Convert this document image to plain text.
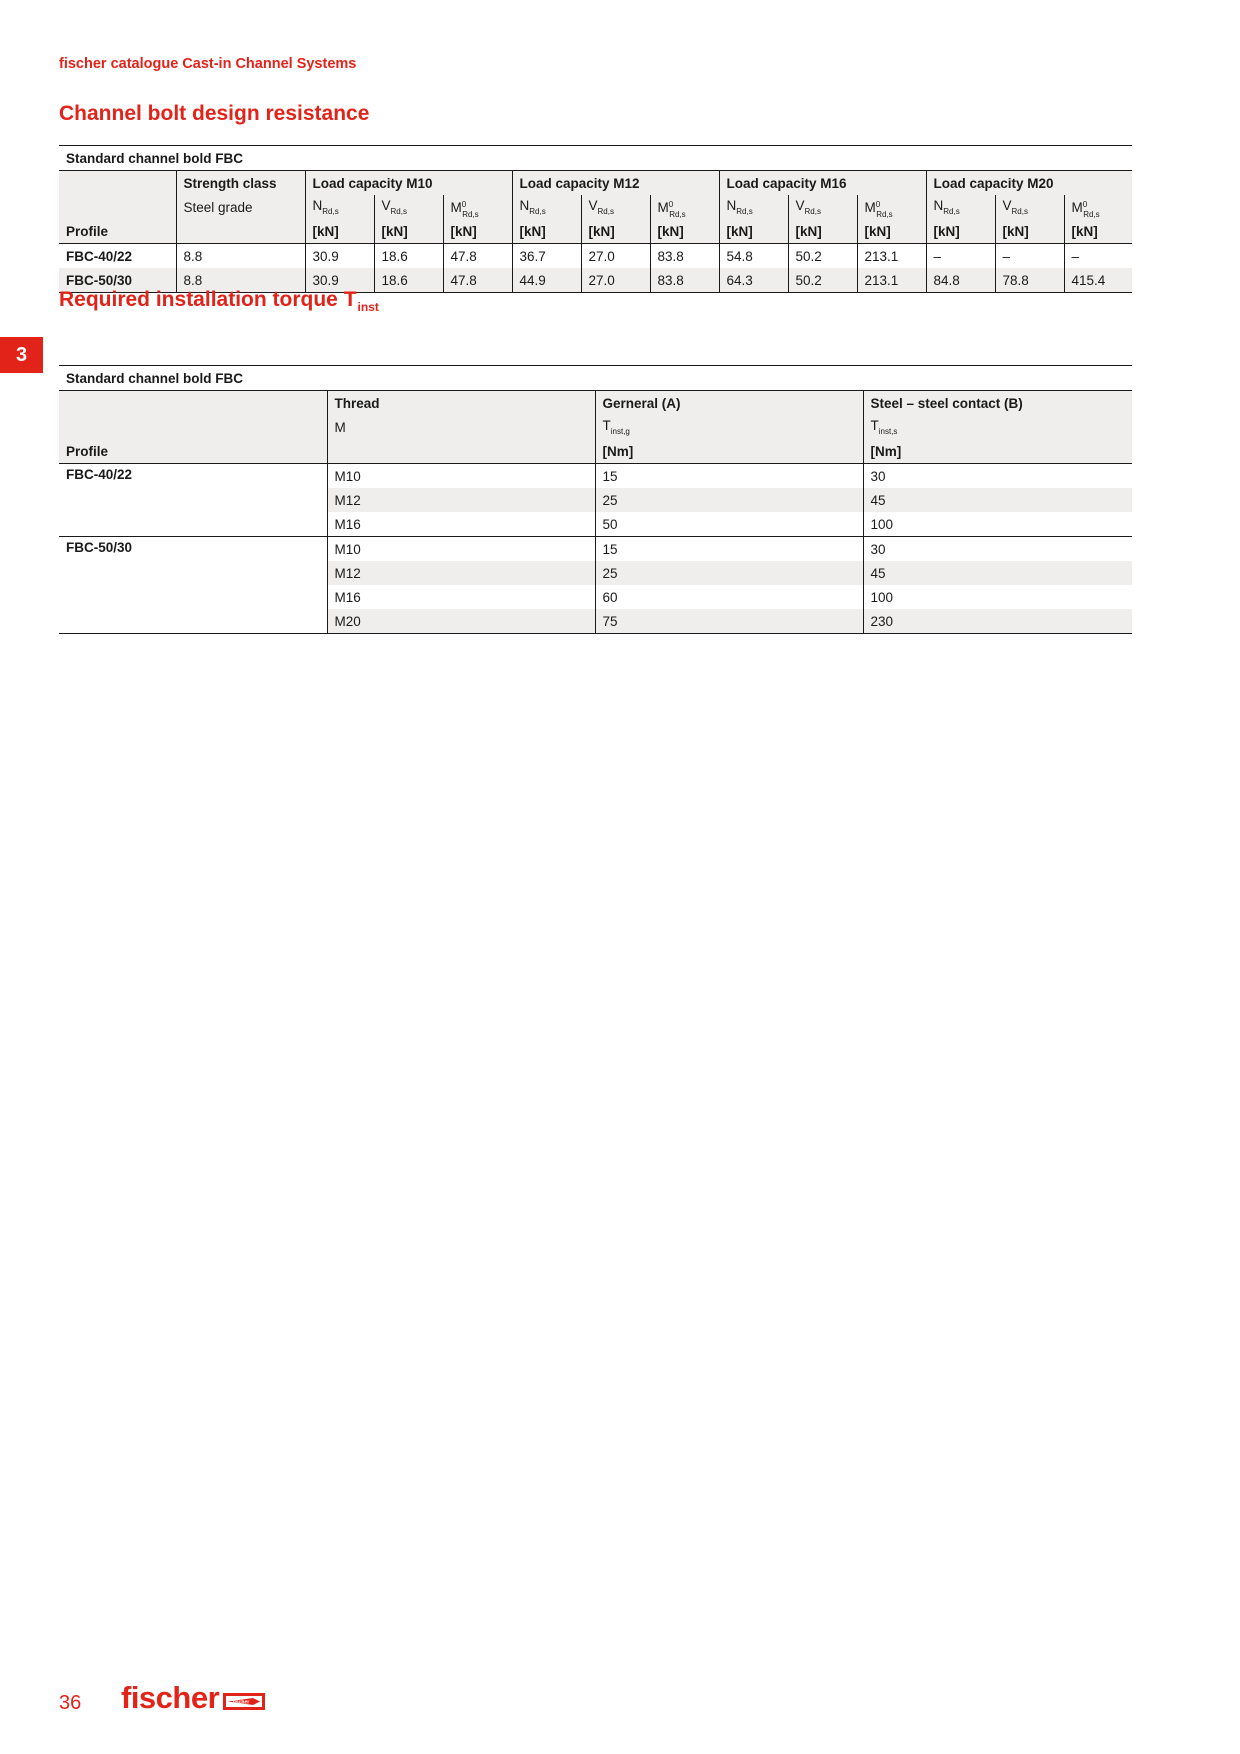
fischer catalogue Cast-in Channel Systems
Channel bolt design resistance
3
Standard channel bold FBC													
	Strength class	Load capacity M10			Load capacity M12			Load capacity M16			Load capacity M20		
	Steel grade	$N_{Rd,s}$	$V_{Rd,s}$	$M^0_{Rd,s}$	$N_{Rd,s}$	$V_{Rd,s}$	$M^0_{Rd,s}$	$N_{Rd,s}$	$V_{Rd,s}$	$M^0_{Rd,s}$	$N_{Rd,s}$	$V_{Rd,s}$	$M^0_{Rd,s}$
Profile		[kN]	[kN]	[kN]	[kN]	[kN]	[kN]	[kN]	[kN]	[kN]	[kN]	[kN]	[kN]
FBC-40/22	8.8	30.9	18.6	47.8	36.7	27.0	83.8	54.8	50.2	213.1	–	–	–
FBC-50/30	8.8	30.9	18.6	47.8	44.9	27.0	83.8	64.3	50.2	213.1	84.8	78.8	415.4
Required installation torque $T_{inst}$
Standard channel bold FBC			
	Thread	Gerneral (A)	Steel – steel contact (B)
	M	$T_{inst,g}$	$T_{inst,s}$
Profile		[Nm]	[Nm]
FBC-40/22	M10	15	30
	M12	25	45
	M16	50	100
FBC-50/30	M10	15	30
	M12	25	45
	M16	60	100
	M20	75	230
36 fischer	fischer
